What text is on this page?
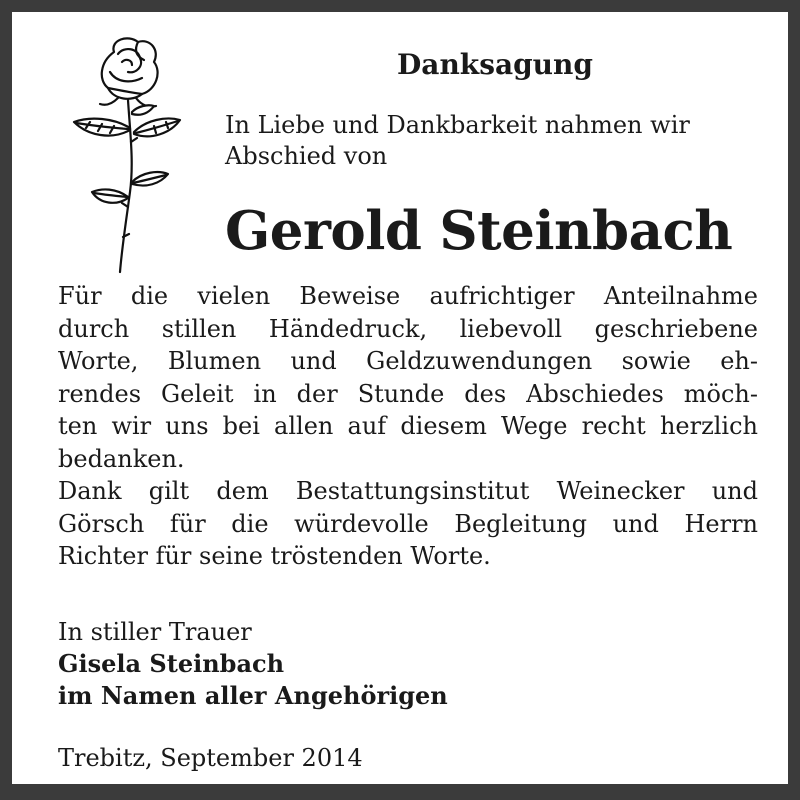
Danksagung
In Liebe und Dankbarkeit nahmen wir
Abschied von
Gerold Steinbach
Für die vielen Beweise aufrichtiger Anteilnahme
durch stillen Händedruck, liebevoll geschriebene
Worte, Blumen und Geldzuwendungen sowie eh-
rendes Geleit in der Stunde des Abschiedes möch-
ten wir uns bei allen auf diesem Wege recht herzlich
bedanken.
Dank gilt dem Bestattungsinstitut Weinecker und
Görsch für die würdevolle Begleitung und Herrn
Richter für seine tröstenden Worte.
In stiller Trauer
Gisela Steinbach
im Namen aller Angehörigen
Trebitz, September 2014
